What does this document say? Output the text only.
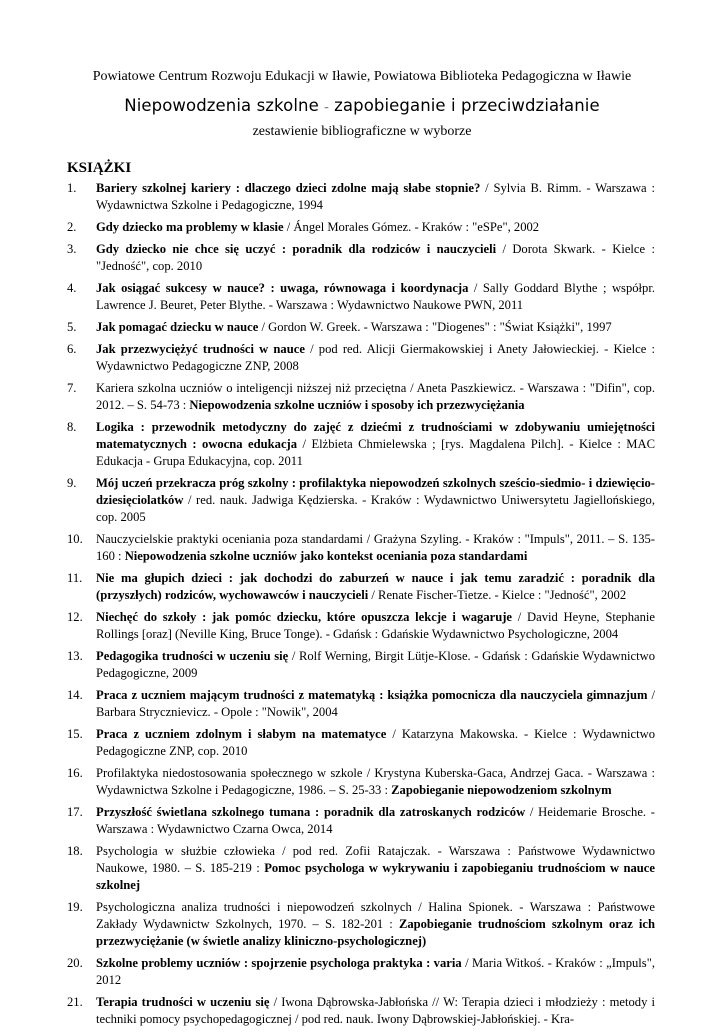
Powiatowe Centrum Rozwoju Edukacji w Iławie, Powiatowa Biblioteka Pedagogiczna w Iławie
Niepowodzenia szkolne – zapobieganie i przeciwdziałanie
zestawienie bibliograficzne w wyborze
KSIĄŻKI
1. Bariery szkolnej kariery : dlaczego dzieci zdolne mają słabe stopnie? / Sylvia B. Rimm. - Warszawa : Wydawnictwa Szkolne i Pedagogiczne, 1994
2. Gdy dziecko ma problemy w klasie / Ángel Morales Gómez. - Kraków : "eSPe", 2002
3. Gdy dziecko nie chce się uczyć : poradnik dla rodziców i nauczycieli / Dorota Skwark. - Kielce : "Jedność", cop. 2010
4. Jak osiągać sukcesy w nauce? : uwaga, równowaga i koordynacja / Sally Goddard Blythe ; współpr. Lawrence J. Beuret, Peter Blythe. - Warszawa : Wydawnictwo Naukowe PWN, 2011
5. Jak pomagać dziecku w nauce / Gordon W. Greek. - Warszawa : "Diogenes" : "Świat Książki", 1997
6. Jak przezwyciężyć trudności w nauce / pod red. Alicji Giermakowskiej i Anety Jałowieckiej. - Kielce : Wydawnictwo Pedagogiczne ZNP, 2008
7. Kariera szkolna uczniów o inteligencji niższej niż przeciętna / Aneta Paszkiewicz. - Warszawa : "Difin", cop. 2012. – S. 54-73 : Niepowodzenia szkolne uczniów i sposoby ich przezwyciężania
8. Logika : przewodnik metodyczny do zajęć z dziećmi z trudnościami w zdobywaniu umiejętności matematycznych : owocna edukacja / Elżbieta Chmielewska ; [rys. Magdalena Pilch]. - Kielce : MAC Edukacja - Grupa Edukacyjna, cop. 2011
9. Mój uczeń przekracza próg szkolny : profilaktyka niepowodzeń szkolnych sześcio-siedmio- i dziewięcio-dziesięciolatków / red. nauk. Jadwiga Kędzierska. - Kraków : Wydawnictwo Uniwersytetu Jagiellońskiego, cop. 2005
10. Nauczycielskie praktyki oceniania poza standardami / Grażyna Szyling. - Kraków : "Impuls", 2011. – S. 135-160 : Niepowodzenia szkolne uczniów jako kontekst oceniania poza standardami
11. Nie ma głupich dzieci : jak dochodzi do zaburzeń w nauce i jak temu zaradzić : poradnik dla (przyszłych) rodziców, wychowawców i nauczycieli / Renate Fischer-Tietze. - Kielce : "Jedność", 2002
12. Niechęć do szkoły : jak pomóc dziecku, które opuszcza lekcje i wagaruje / David Heyne, Stephanie Rollings [oraz] (Neville King, Bruce Tonge). - Gdańsk : Gdańskie Wydawnictwo Psychologiczne, 2004
13. Pedagogika trudności w uczeniu się / Rolf Werning, Birgit Lütje-Klose. - Gdańsk : Gdańskie Wydawnictwo Pedagogiczne, 2009
14. Praca z uczniem mającym trudności z matematyką : książka pomocnicza dla nauczyciela gimnazjum / Barbara Strycznievicz. - Opole : "Nowik", 2004
15. Praca z uczniem zdolnym i słabym na matematyce / Katarzyna Makowska. - Kielce : Wydawnictwo Pedagogiczne ZNP, cop. 2010
16. Profilaktyka niedostosowania społecznego w szkole / Krystyna Kuberska-Gaca, Andrzej Gaca. - Warszawa : Wydawnictwa Szkolne i Pedagogiczne, 1986. – S. 25-33 : Zapobieganie niepowodzeniom szkolnym
17. Przyszłość świetlana szkolnego tumana : poradnik dla zatroskanych rodziców / Heidemarie Brosche. - Warszawa : Wydawnictwo Czarna Owca, 2014
18. Psychologia w służbie człowieka / pod red. Zofii Ratajczak. - Warszawa : Państwowe Wydawnictwo Naukowe, 1980. – S. 185-219 : Pomoc psychologa w wykrywaniu i zapobieganiu trudnościom w nauce szkolnej
19. Psychologiczna analiza trudności i niepowodzeń szkolnych / Halina Spionek. - Warszawa : Państwowe Zakłady Wydawnictw Szkolnych, 1970. – S. 182-201 : Zapobieganie trudnościom szkolnym oraz ich przezwyciężanie (w świetle analizy kliniczno-psychologicznej)
20. Szkolne problemy uczniów : spojrzenie psychologa praktyka : varia / Maria Witkoś. - Kraków : „Impuls", 2012
21. Terapia trudności w uczeniu się / Iwona Dąbrowska-Jabłońska // W: Terapia dzieci i młodzieży : metody i techniki pomocy psychopedagogicznej / pod red. nauk. Iwony Dąbrowskiej-Jabłońskiej. - Kra-
